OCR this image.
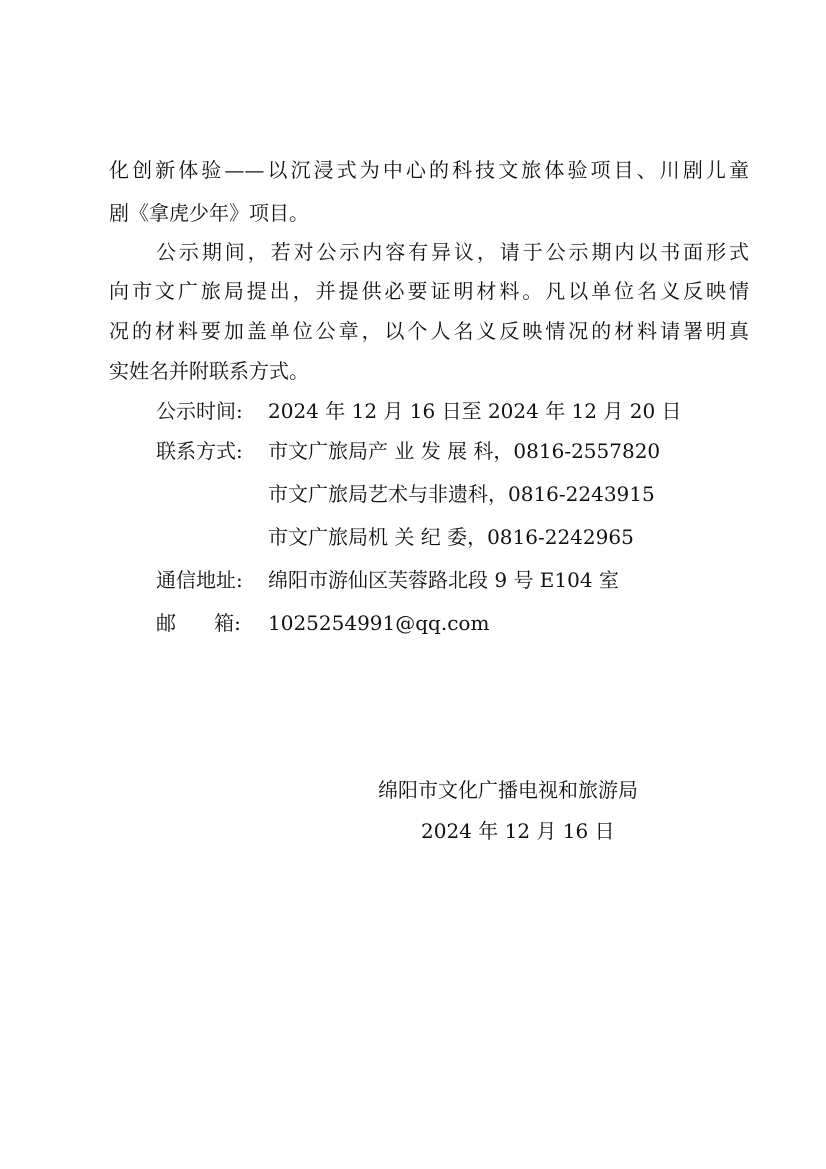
化创新体验——以沉浸式为中心的科技文旅体验项目、川剧儿童
剧《拿虎少年》项目。
公示期间，若对公示内容有异议，请于公示期内以书面形式
向市文广旅局提出，并提供必要证明材料。凡以单位名义反映情
况的材料要加盖单位公章，以个人名义反映情况的材料请署明真
实姓名并附联系方式。
公示时间: 2024 年 12 月 16 日至 2024 年 12 月 20 日
联系方式: 市文广旅局产 业 发 展 科，0816-2557820
市文广旅局艺术与非遗科，0816-2243915
市文广旅局机 关 纪 委，0816-2242965
通信地址: 绵阳市游仙区芙蓉路北段 9 号 E104 室
邮      箱: 1025254991@qq.com
绵阳市文化广播电视和旅游局
2024 年 12 月 16 日
